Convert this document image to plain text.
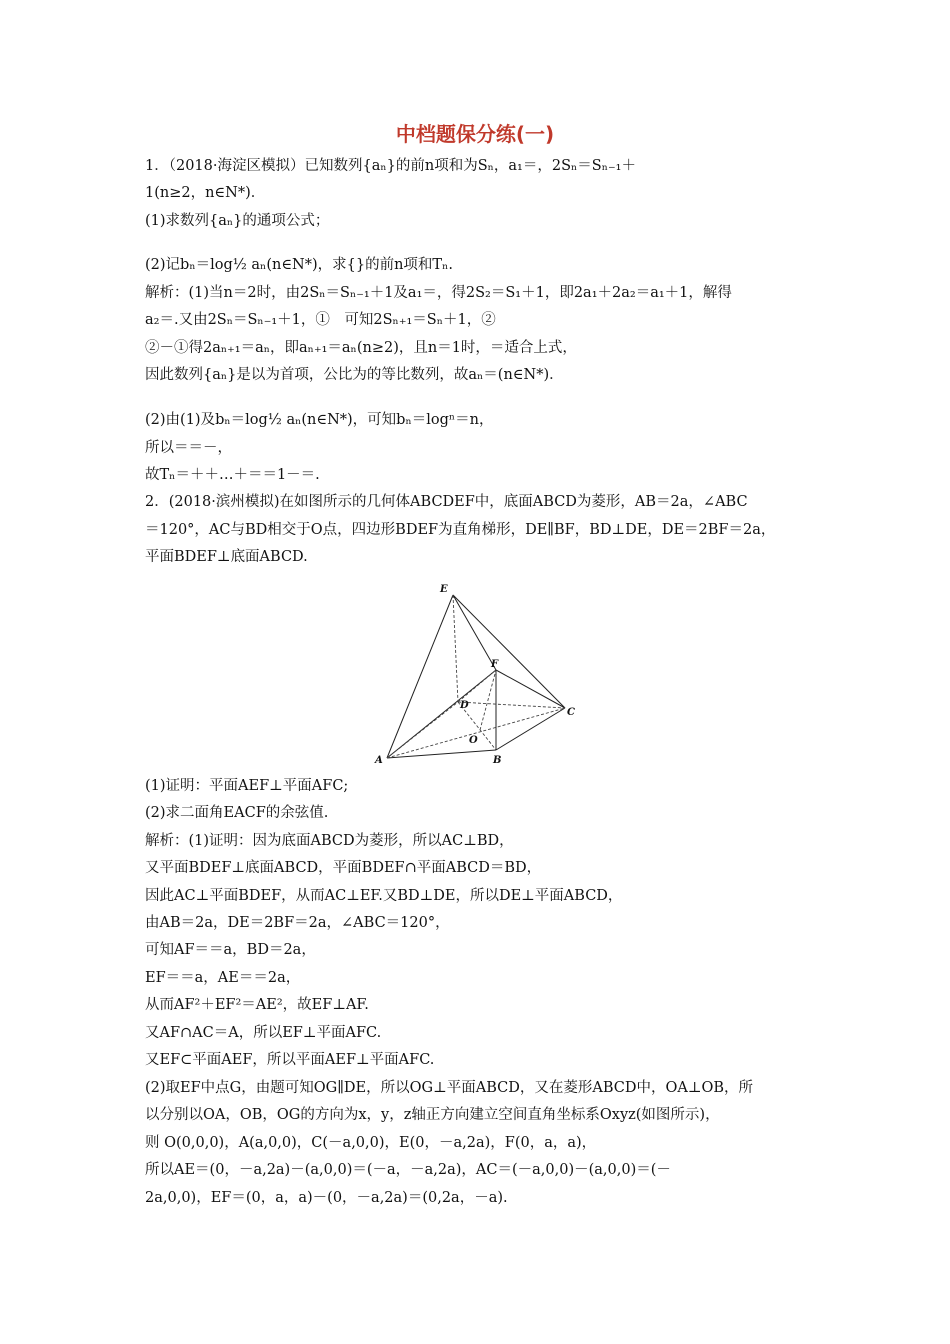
中档题保分练(一)
1．（2018·海淀区模拟）已知数列{aₙ}的前n项和为Sₙ，a₁＝，2Sₙ＝Sₙ₋₁＋
1(n≥2，n∈N*)．
(1)求数列{aₙ}的通项公式；
(2)记bₙ＝log½ aₙ(n∈N*)，求{}的前n项和Tₙ.
解析：(1)当n＝2时，由2Sₙ＝Sₙ₋₁＋1及a₁＝，得2S₂＝S₁＋1，即2a₁＋2a₂＝a₁＋1，解得
a₂＝.又由2Sₙ＝Sₙ₋₁＋1，①　可知2Sₙ₊₁＝Sₙ＋1，②
②－①得2aₙ₊₁＝aₙ，即aₙ₊₁＝aₙ(n≥2)，且n＝1时，＝适合上式，
因此数列{aₙ}是以为首项，公比为的等比数列，故aₙ＝(n∈N*)．
(2)由(1)及bₙ＝log½ aₙ(n∈N*)，可知bₙ＝logⁿ＝n，
所以＝＝－，
故Tₙ＝＋＋…＋＝＝1－＝.
2．(2018·滨州模拟)在如图所示的几何体ABCDEF中，底面ABCD为菱形，AB＝2a，∠ABC
＝120°，AC与BD相交于O点，四边形BDEF为直角梯形，DE∥BF，BD⊥DE，DE＝2BF＝2a，
平面BDEF⊥底面ABCD.
E
F
D
C
O
A	B
(1)证明：平面AEF⊥平面AFC;
(2)求二面角EACF的余弦值.
解析：(1)证明：因为底面ABCD为菱形，所以AC⊥BD，
又平面BDEF⊥底面ABCD，平面BDEF∩平面ABCD＝BD，
因此AC⊥平面BDEF，从而AC⊥EF.又BD⊥DE，所以DE⊥平面ABCD，
由AB＝2a，DE＝2BF＝2a，∠ABC＝120°，
可知AF＝＝a，BD＝2a，
EF＝＝a，AE＝＝2a，
从而AF²＋EF²＝AE²，故EF⊥AF.
又AF∩AC＝A，所以EF⊥平面AFC.
又EF⊂平面AEF，所以平面AEF⊥平面AFC.
(2)取EF中点G，由题可知OG∥DE，所以OG⊥平面ABCD，又在菱形ABCD中，OA⊥OB，所
以分别以OA，OB，OG的方向为x，y，z轴正方向建立空间直角坐标系Oxyz(如图所示)，
则 O(0,0,0)，A(a,0,0)，C(－a,0,0)，E(0，－a,2a)，F(0，a，a)，
所以AE＝(0，－a,2a)－(a,0,0)＝(－a，－a,2a)，AC＝(－a,0,0)－(a,0,0)＝(－
2a,0,0)，EF＝(0，a，a)－(0，－a,2a)＝(0,2a，－a).
